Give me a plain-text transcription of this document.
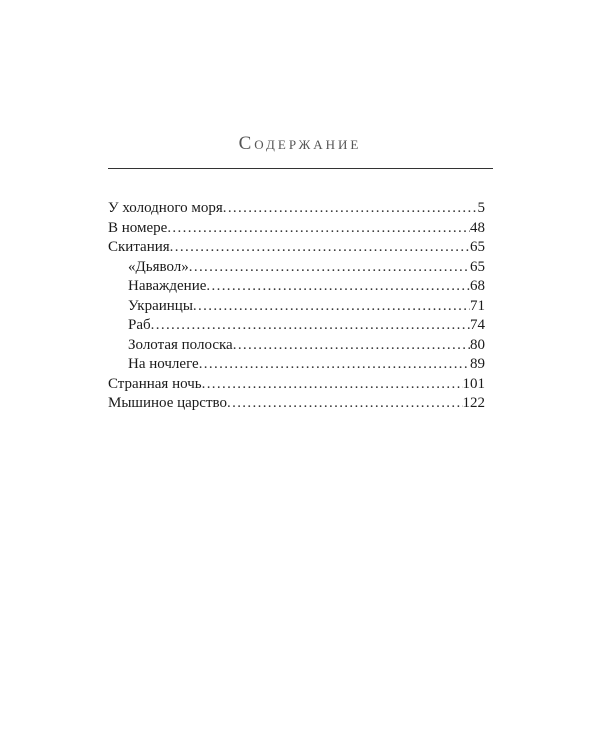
Содержание
У холодного моря . . .	5
В номере . . .	48
Скитания . . .	65
«Дьявол» . . .	65
Наваждение . . .	68
Украинцы . . .	71
Раб . . .	74
Золотая полоска . . .	80
На ночлеге . . .	89
Странная ночь . . .	101
Мышиное царство . . .	122
